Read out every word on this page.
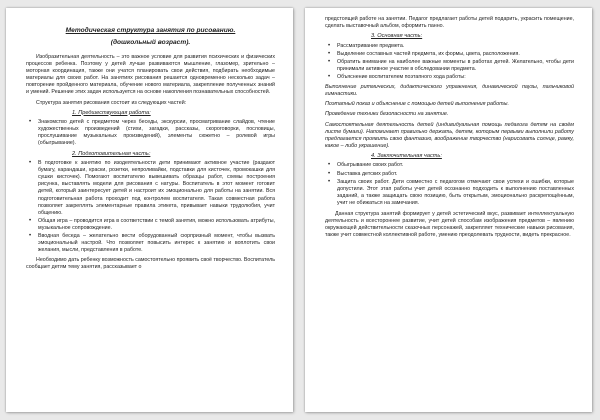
Методическая структура занятия по рисованию.

(дошкольный возраст).

Изобразительная деятельность – это важное условие для развития психических и физических процессов ребенка. Поэтому у детей лучше развиваются мышление, глазомер, зрительно – моторная координация, также они учатся планировать свои действия, подбирать необходимые материалы для своих работ. На занятиях рисования решается одновременно несколько задач – повторение пройденного материала, обучение нового материала, закрепление полученных знаний и умений. Решение этих задач используется на основе накопления познавательных способностей.

Структура занятия рисования состоит из следующих частей:

1. Предшествующая работа:

• Знакомство детей с предметом через беседы, экскурсии, просматривание слайдов, чтение художественных произведений (стихи, загадки, рассказы, скороговорки, пословицы, прослушивание музыкальных произведений), элементы сюжетно – ролевой игры (обыгрывание).

2. Подготовительная часть:

• В подготовке к занятию по изодеятельности дети принимают активное участие (раздают бумагу, карандаши, краски, розетки, непроливайки, подставки для кисточек, промокашки для сушки кисточек). Помогают воспитателю вывешивать образцы работ, схемы построения рисунка, выставлять модели для рисования с натуры. Воспитатель в этот момент готовит детей, который заинтересует детей и настроит их эмоционально для работы на занятии. Вся подготовительная работа проходит под контролем воспитателя. Такая совместная работа позволяет закреплять элементарные правила этикета, привывает навыки трудолюбия, учит общению.

• Общая игра – проводится игра в соответствии с темой занятия, можно использовать атрибуты, музыкальное сопровождение.

• Вводная беседа – желательно вести оборудованный сюрпризный момент, чтобы вызвать эмоциональный настрой. Что позволяет повысить интерес к занятию и воплотить свои желания, мысли, представления в работе.

Необходимо дать ребенку возможность самостоятельно проявить своё творчество. Воспитатель сообщает детям тему занятия, рассказывает о

предстоящей работе на занятии. Педагог предлагает работы детей подарить, украсить помещение, сделать выставочный альбом, оформить панно.

3. Основная часть:

• Рассматривание предмета.

• Выделение составных частей предмета, их формы, цвета, расположения.

• Обратить внимание на наиболее важные моменты в работах детей. Желательно, чтобы дети принимали активное участие в обследовании предмета.

• Объяснение воспитателем поэтапного хода работы:

Выполнение ритмических, дидактического упражнения, динамической паузы, пальчиковой гимнастики.

Поэтапный показ и объяснение с помощью детей выполнения работы.

Проведение техники безопасности на занятие.

Самостоятельная деятельность детей (индивидуальная помощь педагога детям на своём листе бумаги). Напоминает правильно держать, детям, которым первыми выполнили работу предлагается проявить свою фантазию, воображение творчество (нарисовать солнце, рамку, какое – либо украшение).

4. Заключительная часть:

• Обыгрывание своих работ.

• Выставка детских работ.

• Защита своих работ. Дети совместно с педагогом отмечают свои успехи и ошибки, которые допустили. Этот этап работы учит детей осознанно подходить к выполнению поставленных заданий, а также защищать свою позицию, быть открытым, эмоционально раскрепощённым, учит не обижаться на замечания.

Данная структура занятий формирует у детей эстетический вкус, развивает интеллектуальную деятельность и всестороннее развитие, учит детей способам изображения предметов – явлению окружающей действительности сказочных персонажей, закрепляет технические навыки рисования, также учит совместной коллективной работе, умению преодолевать трудности, видеть прекрасное.
